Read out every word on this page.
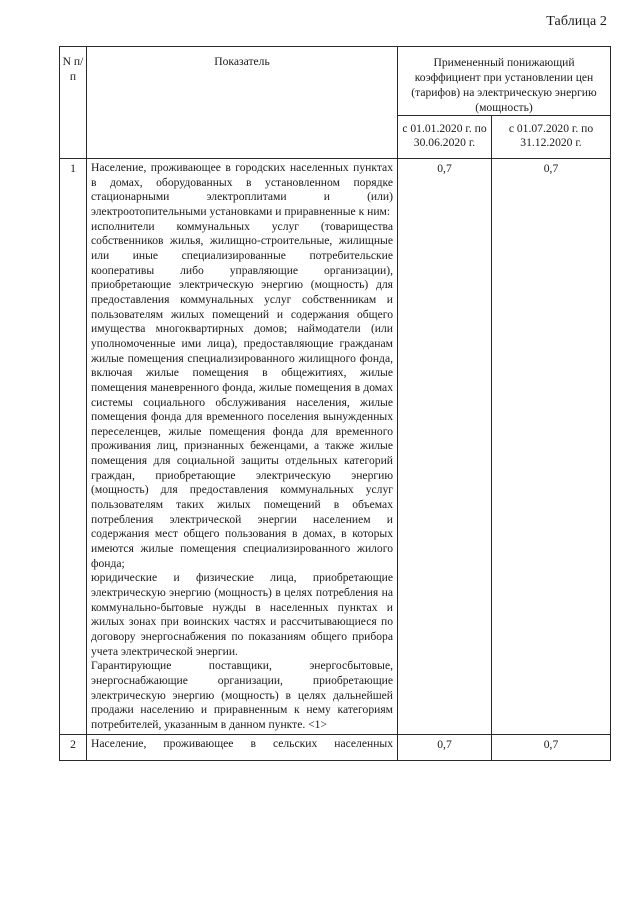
Таблица 2
N п/п	Показатель	Примененный понижающий коэффициент при установлении цен (тарифов) на электрическую энергию (мощность)	
		с 01.01.2020 г. по 30.06.2020 г.	с 01.07.2020 г. по 31.12.2020 г.
1	Население, проживающее в городских населенных пунктах в домах, оборудованных в установленном порядке стационарными электроплитами и (или) электроотопительными установками и приравненные к ним:

исполнители коммунальных услуг (товарищества собственников жилья, жилищно-строительные, жилищные или иные специализированные потребительские кооперативы либо управляющие организации), приобретающие электрическую энергию (мощность) для предоставления коммунальных услуг собственникам и пользователям жилых помещений и содержания общего имущества многоквартирных домов; наймодатели (или уполномоченные ими лица), предоставляющие гражданам жилые помещения специализированного жилищного фонда, включая жилые помещения в общежитиях, жилые помещения маневренного фонда, жилые помещения в домах системы социального обслуживания населения, жилые помещения фонда для временного поселения вынужденных переселенцев, жилые помещения фонда для временного проживания лиц, признанных беженцами, а также жилые помещения для социальной защиты отдельных категорий граждан, приобретающие электрическую энергию (мощность) для предоставления коммунальных услуг пользователям таких жилых помещений в объемах потребления электрической энергии населением и содержания мест общего пользования в домах, в которых имеются жилые помещения специализированного жилого фонда;

юридические и физические лица, приобретающие электрическую энергию (мощность) в целях потребления на коммунально-бытовые нужды в населенных пунктах и жилых зонах при воинских частях и рассчитывающиеся по договору энергоснабжения по показаниям общего прибора учета электрической энергии.

Гарантирующие поставщики, энергосбытовые, энергоснабжающие организации, приобретающие электрическую энергию (мощность) в целях дальнейшей продажи населению и приравненным к нему категориям потребителей, указанным в данном пункте. <1>	0,7	0,7
2	Население, проживающее в сельских населенных	0,7	0,7
